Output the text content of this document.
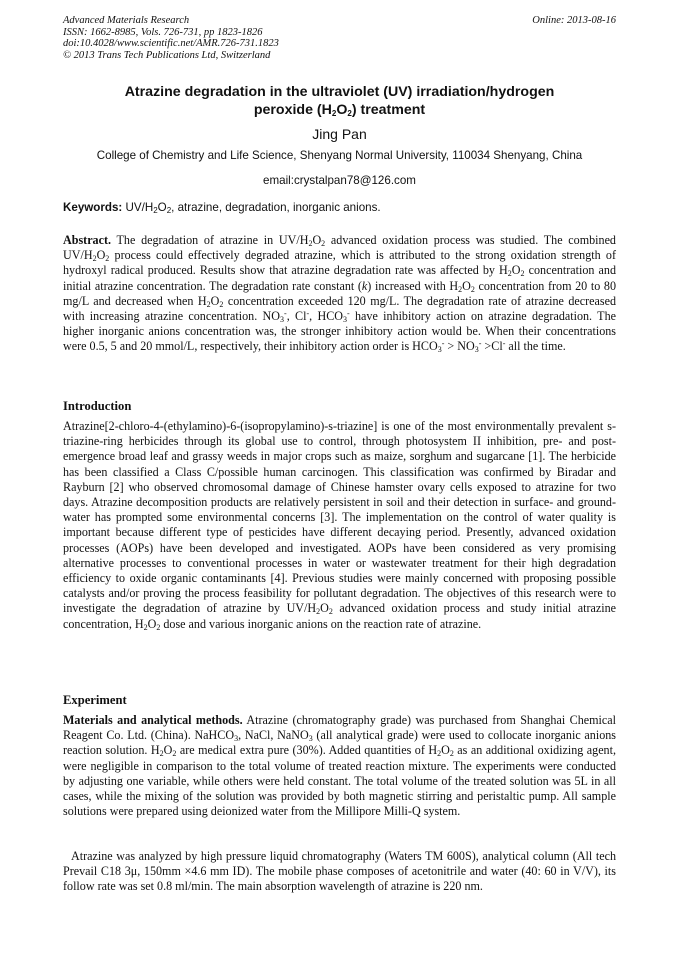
Advanced Materials Research
ISSN: 1662-8985, Vols. 726-731, pp 1823-1826
doi:10.4028/www.scientific.net/AMR.726-731.1823
© 2013 Trans Tech Publications Ltd, Switzerland
Online: 2013-08-16
Atrazine degradation in the ultraviolet (UV) irradiation/hydrogen
peroxide $(H_2O_2)$ treatment
Jing Pan
College of Chemistry and Life Science, Shenyang Normal University, 110034 Shenyang, China
email:crystalpan78@126.com
Keywords: $UV/H_2O_2$, atrazine, degradation, inorganic anions.
Abstract. The degradation of atrazine in $UV/H_2O_2$ advanced oxidation process was studied. The combined $UV/H_2O_2$ process could effectively degraded atrazine, which is attributed to the strong oxidation strength of hydroxyl radical produced. Results show that atrazine degradation rate was affected by $H_2O_2$ concentration and initial atrazine concentration. The degradation rate constant (k) increased with $H_2O_2$ concentration from 20 to 80 mg/L and decreased when $H_2O_2$ concentration exceeded 120 mg/L. The degradation rate of atrazine decreased with increasing atrazine concentration. $NO_3^-$, Cl-, $HCO_3^-$ have inhibitory action on atrazine degradation. The higher inorganic anions concentration was, the stronger inhibitory action would be. When their concentrations were 0.5, 5 and 20 mmol/L, respectively, their inhibitory action order is $HCO_3^- > NO_3^- >Cl^-$ all the time.
Introduction
Atrazine[2-chloro-4-(ethylamino)-6-(isopropylamino)-s-triazine] is one of the most environmentally prevalent s-triazine-ring herbicides through its global use to control, through photosystem II inhibition, pre- and post-emergence broad leaf and grassy weeds in major crops such as maize, sorghum and sugarcane [1]. The herbicide has been classified a Class C/possible human carcinogen. This classification was confirmed by Biradar and Rayburn [2] who observed chromosomal damage of Chinese hamster ovary cells exposed to atrazine for two days. Atrazine decomposition products are relatively persistent in soil and their detection in surface- and ground-water has prompted some environmental concerns [3]. The implementation on the control of water quality is important because different type of pesticides have different decaying period. Presently, advanced oxidation processes (AOPs) have been developed and investigated. AOPs have been considered as very promising alternative processes to conventional processes in water or wastewater treatment for their high degradation efficiency to oxide organic contaminants [4]. Previous studies were mainly concerned with proposing possible catalysts and/or proving the process feasibility for pollutant degradation. The objectives of this research were to investigate the degradation of atrazine by $UV/H_2O_2$ advanced oxidation process and study initial atrazine concentration, $H_2O_2$ dose and various inorganic anions on the reaction rate of atrazine.
Experiment
Materials and analytical methods. Atrazine (chromatography grade) was purchased from Shanghai Chemical Reagent Co. Ltd. (China). NaHCO$_3$, NaCl, NaNO$_3$ (all analytical grade) were used to collocate inorganic anions reaction solution. $H_2O_2$ are medical extra pure (30%). Added quantities of $H_2O_2$ as an additional oxidizing agent, were negligible in comparison to the total volume of treated reaction mixture. The experiments were conducted by adjusting one variable, while others were held constant. The total volume of the treated solution was 5L in all cases, while the mixing of the solution was provided by both magnetic stirring and peristaltic pump. All sample solutions were prepared using deionized water from the Millipore Milli-Q system.
Atrazine was analyzed by high pressure liquid chromatography (Waters TM 600S), analytical column (All tech Prevail C18 3μ, 150mm ×4.6 mm ID). The mobile phase composes of acetonitrile and water (40: 60 in V/V), its follow rate was set 0.8 ml/min. The main absorption wavelength of atrazine is 220 nm.
